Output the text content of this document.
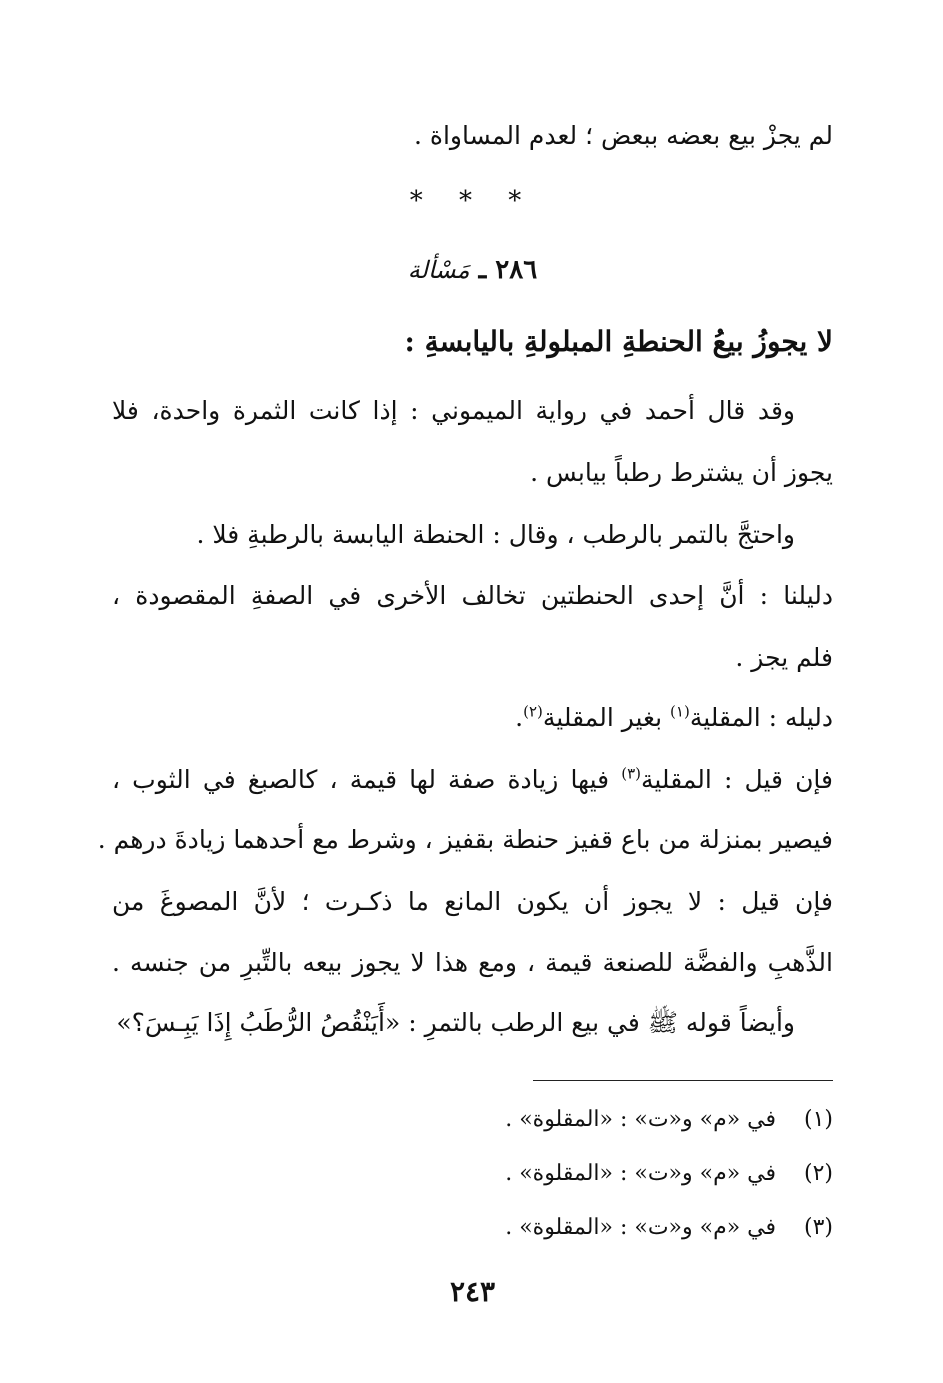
لم يجزْ بيع بعضه ببعض ؛ لعدم المساواة .
* * *
٢٨٦ ـ مَسْألة
لا يجوزُ بيعُ الحنطةِ المبلولةِ باليابسةِ :
وقد قال أحمد في رواية الميموني : إذا كانت الثمرة واحدة، فلا
يجوز أن يشترط رطباً بيابس .
واحتجَّ بالتمر بالرطب ، وقال : الحنطة اليابسة بالرطبةِ فلا .
دليلنا : أنَّ إحدى الحنطتين تخالف الأخرى في الصفةِ المقصودة ،
فلم يجز .
دليله : المقلية$^{(١)}$ بغير المقلية$^{(٢)}$.
فإن قيل : المقلية$^{(٣)}$ فيها زيادة صفة لها قيمة ، كالصبغ في الثوب ،
فيصير بمنزلة من باع قفيز حنطة بقفيز ، وشرط مع أحدهما زيادةَ درهم .
فإن قيل : لا يجوز أن يكون المانع ما ذكـرت ؛ لأنَّ المصوغَ من
الذَّهبِ والفضَّة للصنعة قيمة ، ومع هذا لا يجوز بيعه بالتِّبرِ من جنسه .
وأيضاً قوله ﷺ في بيع الرطب بالتمرِ : «أَيَنْقُصُ الرُّطَبُ إِذَا يَبِـسَ؟»
(١) في «م» و«ت» : «المقلوة» .
(٢) في «م» و«ت» : «المقلوة» .
(٣) في «م» و«ت» : «المقلوة» .
٢٤٣
